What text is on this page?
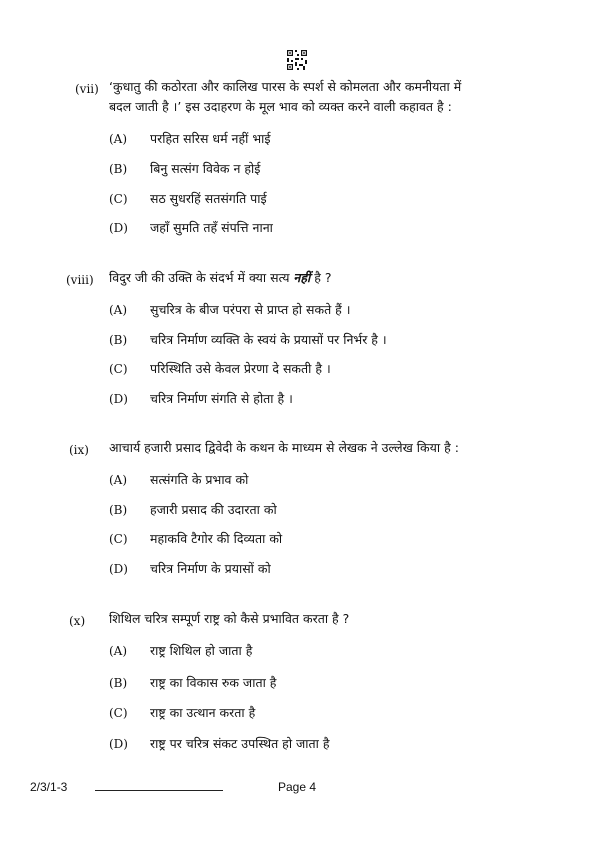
(vii) ‘कुधातु की कठोरता और कालिख पारस के स्पर्श से कोमलता और कमनीयता में
बदल जाती है ।’ इस उदाहरण के मूल भाव को व्यक्त करने वाली कहावत है :
(A) परहित सरिस धर्म नहीं भाई
(B) बिनु सत्संग विवेक न होई
(C) सठ सुधरहिं सतसंगति पाई
(D) जहाँ सुमति तहँ संपत्ति नाना
(viii) विदुर जी की उक्ति के संदर्भ में क्या सत्य नहीं है ?
(A) सुचरित्र के बीज परंपरा से प्राप्त हो सकते हैं ।
(B) चरित्र निर्माण व्यक्ति के स्वयं के प्रयासों पर निर्भर है ।
(C) परिस्थिति उसे केवल प्रेरणा दे सकती है ।
(D) चरित्र निर्माण संगति से होता है ।
(ix) आचार्य हजारी प्रसाद द्विवेदी के कथन के माध्यम से लेखक ने उल्लेख किया है :
(A) सत्संगति के प्रभाव को
(B) हजारी प्रसाद की उदारता को
(C) महाकवि टैगोर की दिव्यता को
(D) चरित्र निर्माण के प्रयासों को
(x) शिथिल चरित्र सम्पूर्ण राष्ट्र को कैसे प्रभावित करता है ?
(A) राष्ट्र शिथिल हो जाता है
(B) राष्ट्र का विकास रुक जाता है
(C) राष्ट्र का उत्थान करता है
(D) राष्ट्र पर चरित्र संकट उपस्थित हो जाता है
2/3/1-3	Page 4
